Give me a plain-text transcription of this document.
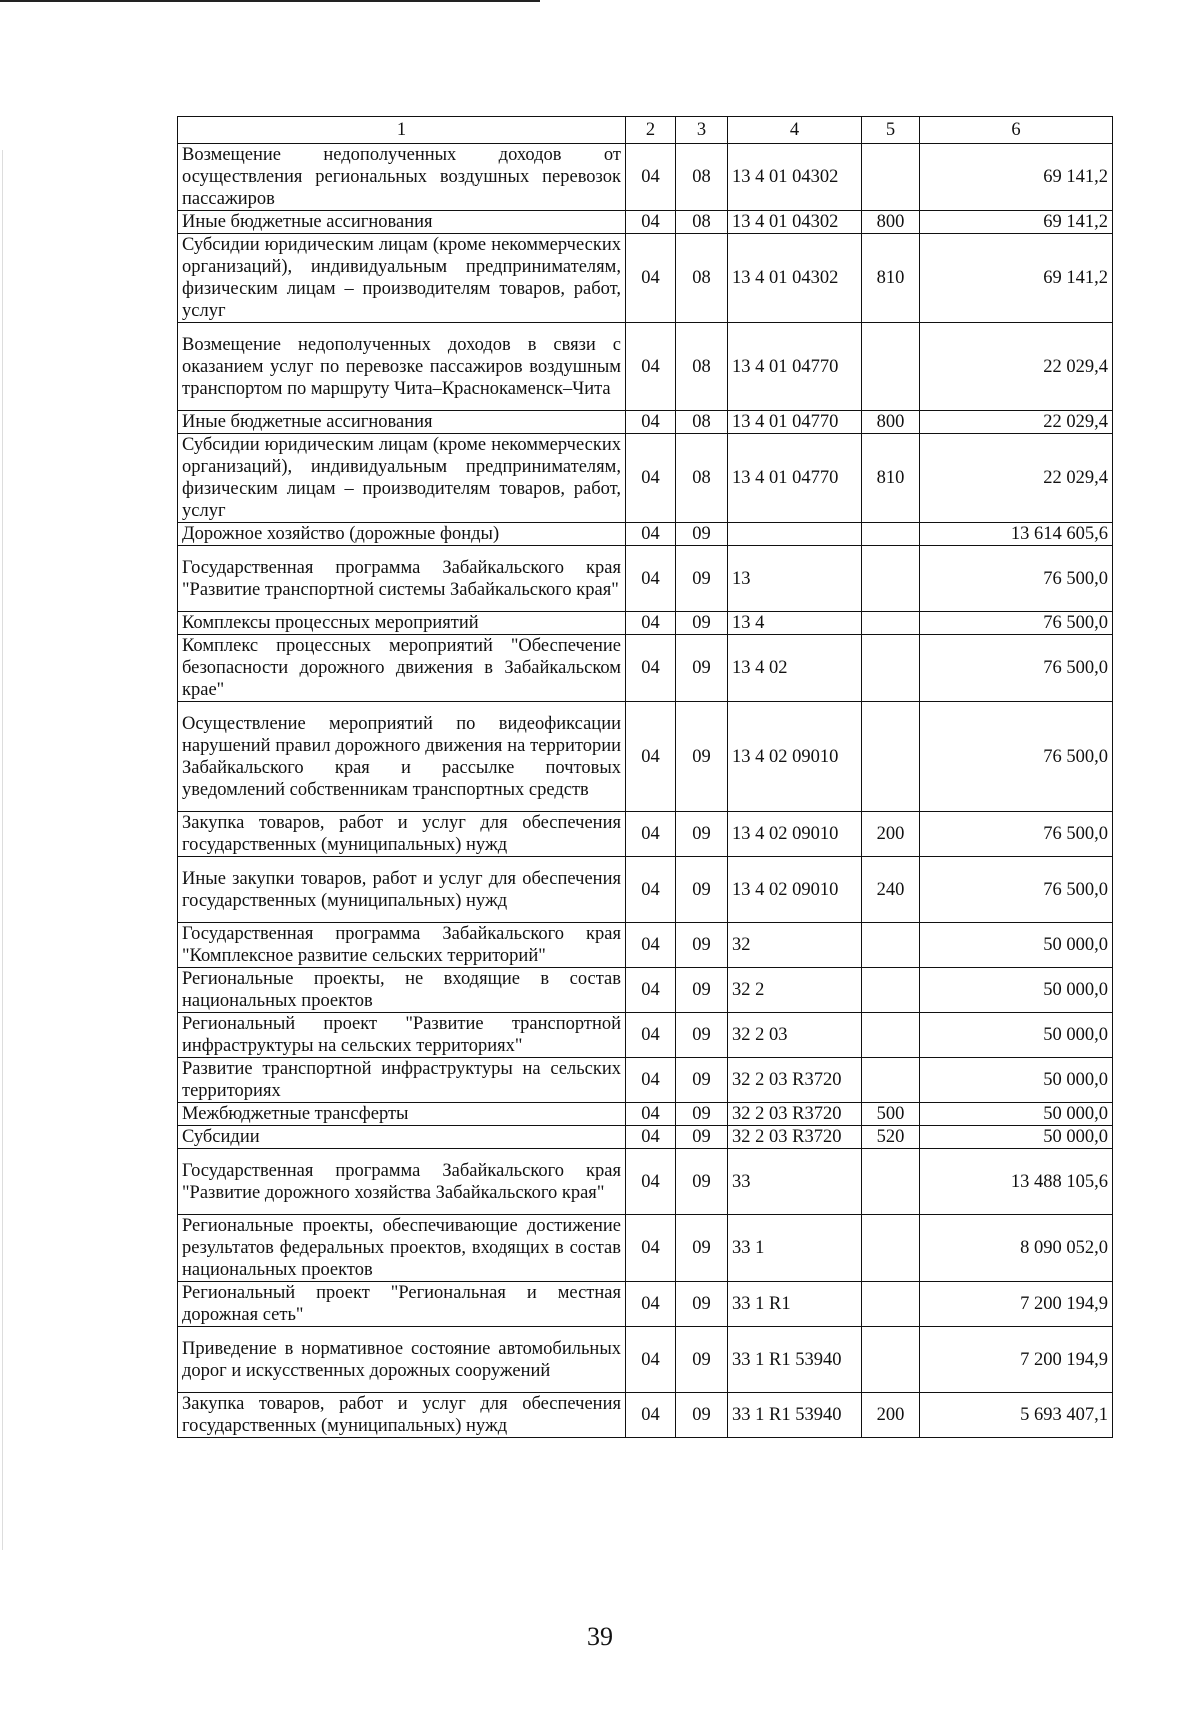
1	2	3	4	5	6
Возмещение недополученных доходов от осуществления региональных воздушных перевозок пассажиров	04	08	13 4 01 04302		69 141,2
Иные бюджетные ассигнования	04	08	13 4 01 04302	800	69 141,2
Субсидии юридическим лицам (кроме некоммерческих организаций), индивидуальным предпринимателям, физическим лицам – производителям товаров, работ, услуг	04	08	13 4 01 04302	810	69 141,2
Возмещение недополученных доходов в связи с оказанием услуг по перевозке пассажиров воздушным транспортом по маршруту Чита–Краснокаменск–Чита	04	08	13 4 01 04770		22 029,4
Иные бюджетные ассигнования	04	08	13 4 01 04770	800	22 029,4
Субсидии юридическим лицам (кроме некоммерческих организаций), индивидуальным предпринимателям, физическим лицам – производителям товаров, работ, услуг	04	08	13 4 01 04770	810	22 029,4
Дорожное хозяйство (дорожные фонды)	04	09			13 614 605,6
Государственная программа Забайкальского края "Развитие транспортной системы Забайкальского края"	04	09	13		76 500,0
Комплексы процессных мероприятий	04	09	13 4		76 500,0
Комплекс процессных мероприятий "Обеспечение безопасности дорожного движения в Забайкальском крае"	04	09	13 4 02		76 500,0
Осуществление мероприятий по видеофиксации нарушений правил дорожного движения на территории Забайкальского края и рассылке почтовых уведомлений собственникам транспортных средств	04	09	13 4 02 09010		76 500,0
Закупка товаров, работ и услуг для обеспечения государственных (муниципальных) нужд	04	09	13 4 02 09010	200	76 500,0
Иные закупки товаров, работ и услуг для обеспечения государственных (муниципальных) нужд	04	09	13 4 02 09010	240	76 500,0
Государственная программа Забайкальского края "Комплексное развитие сельских территорий"	04	09	32		50 000,0
Региональные проекты, не входящие в состав национальных проектов	04	09	32 2		50 000,0
Региональный проект "Развитие транспортной инфраструктуры на сельских территориях"	04	09	32 2 03		50 000,0
Развитие транспортной инфраструктуры на сельских территориях	04	09	32 2 03 R3720		50 000,0
Межбюджетные трансферты	04	09	32 2 03 R3720	500	50 000,0
Субсидии	04	09	32 2 03 R3720	520	50 000,0
Государственная программа Забайкальского края "Развитие дорожного хозяйства Забайкальского края"	04	09	33		13 488 105,6
Региональные проекты, обеспечивающие достижение результатов федеральных проектов, входящих в состав национальных проектов	04	09	33 1		8 090 052,0
Региональный проект "Региональная и местная дорожная сеть"	04	09	33 1 R1		7 200 194,9
Приведение в нормативное состояние автомобильных дорог и искусственных дорожных сооружений	04	09	33 1 R1 53940		7 200 194,9
Закупка товаров, работ и услуг для обеспечения государственных (муниципальных) нужд	04	09	33 1 R1 53940	200	5 693 407,1
39
